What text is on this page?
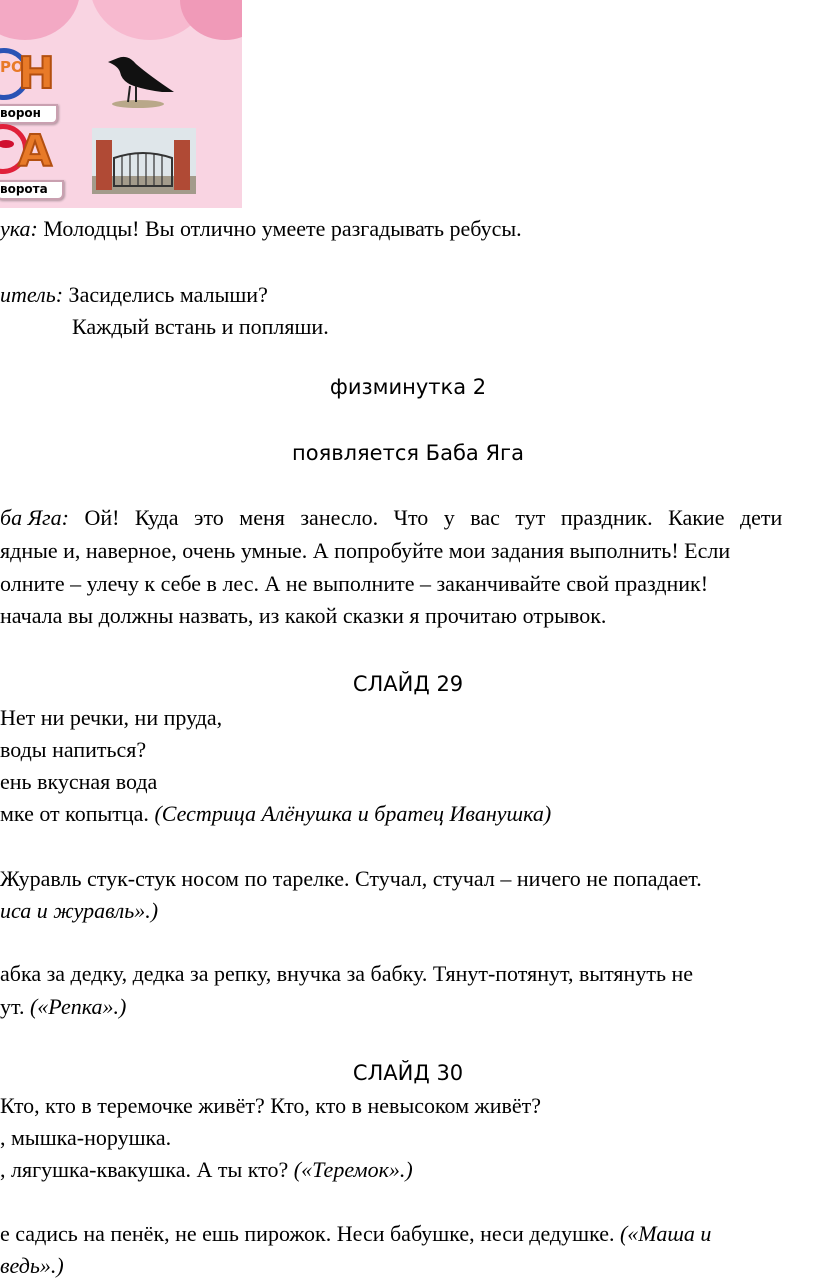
РО
Н
ворон
А
ворота
ука: Молодцы! Вы отлично умеете разгадывать ребусы.
итель: Засиделись малыши?
Каждый встань и попляши.
физминутка 2
появляется Баба Яга
ба Яга: Ой! Куда это меня занесло. Что у вас тут праздник. Какие дети
ядные и, наверное, очень умные. А попробуйте мои задания выполнить! Если
олните – улечу к себе в лес. А не выполните – заканчивайте свой праздник!
начала вы должны назвать, из какой сказки я прочитаю отрывок.
СЛАЙД 29
Нет ни речки, ни пруда,
воды напиться?
ень вкусная вода
мке от копытца. (Сестрица Алёнушка и братец Иванушка)
Журавль стук-стук носом по тарелке. Стучал, стучал – ничего не попадает.
иса и журавль».)
абка за дедку, дедка за репку, внучка за бабку. Тянут-потянут, вытянуть не
ут. («Репка».)
СЛАЙД 30
Кто, кто в теремочке живёт? Кто, кто в невысоком живёт?
, мышка-норушка.
, лягушка-квакушка. А ты кто? («Теремок».)
е садись на пенёк, не ешь пирожок. Неси бабушке, неси дедушке. («Маша и
ведь».)
